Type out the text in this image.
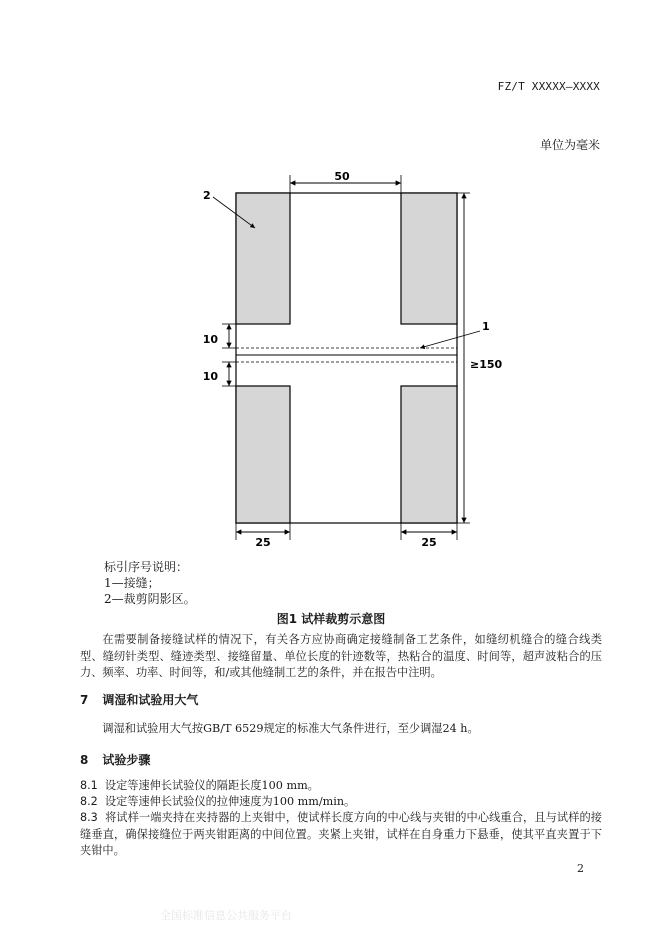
FZ/T XXXXX—XXXX
单位为毫米
50
10
10
≥150
25	25
1
2
标引序号说明：
1—接缝；
2—裁剪阴影区。
图1 试样裁剪示意图
在需要制备接缝试样的情况下，有关各方应协商确定接缝制备工艺条件，如缝纫机缝合的缝合线类型、缝纫针类型、缝迹类型、接缝留量、单位长度的针迹数等，热粘合的温度、时间等，超声波粘合的压力、频率、功率、时间等，和/或其他缝制工艺的条件，并在报告中注明。
7 调湿和试验用大气
调湿和试验用大气按GB/T 6529规定的标准大气条件进行，至少调湿24 h。
8 试验步骤
8.1 设定等速伸长试验仪的隔距长度100 mm。
8.2 设定等速伸长试验仪的拉伸速度为100 mm/min。
8.3 将试样一端夹持在夹持器的上夹钳中，使试样长度方向的中心线与夹钳的中心线重合，且与试样的接缝垂直，确保接缝位于两夹钳距离的中间位置。夹紧上夹钳，试样在自身重力下悬垂，使其平直夹置于下夹钳中。
2
全国标准信息公共服务平台
